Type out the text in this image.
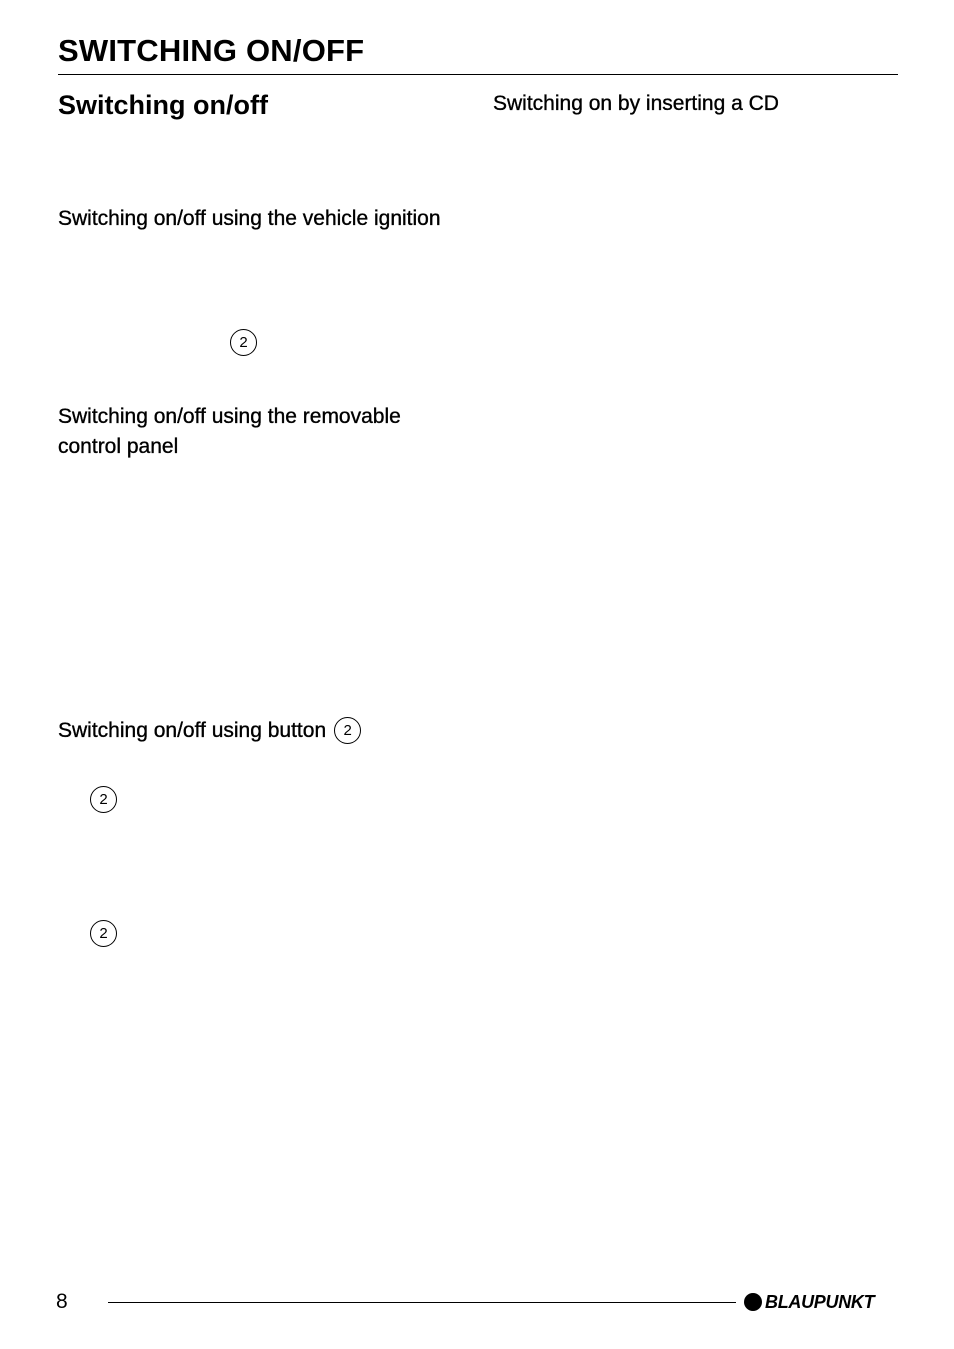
SWITCHING ON/OFF
Switching on/off	Switching on by inserting a CD
Switching on/off using the vehicle ignition
2
Switching on/off using the removable control panel
Switching on/off using button 2
2
2
8	BLAUPUNKT
